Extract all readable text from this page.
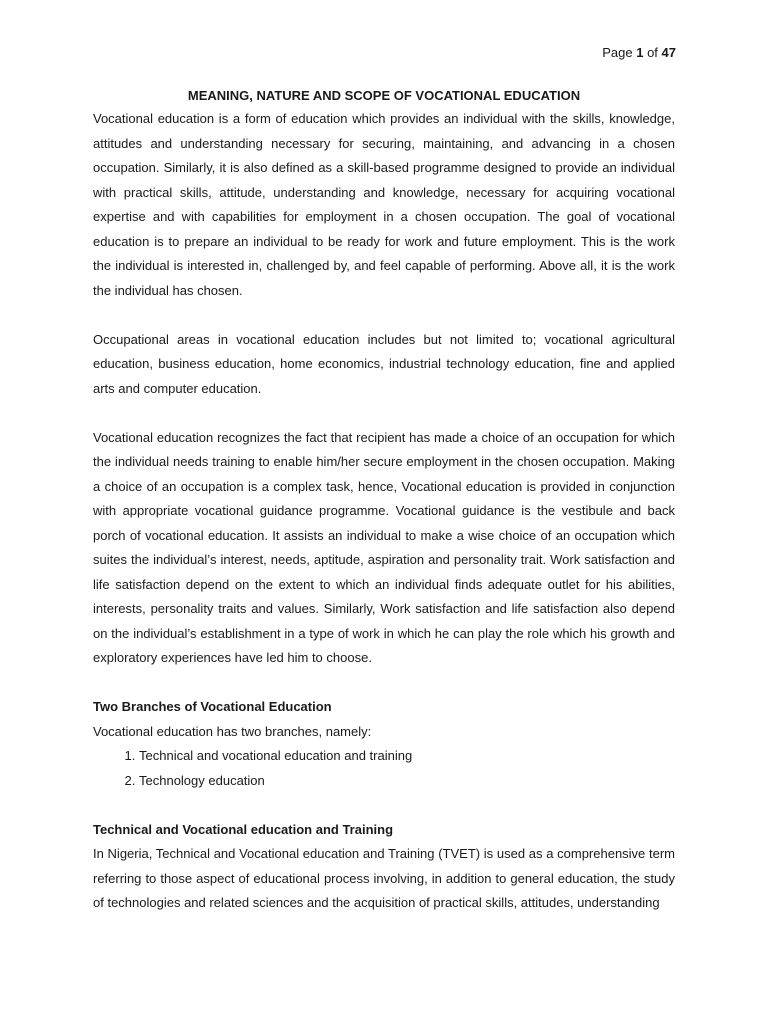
Page 1 of 47
MEANING, NATURE AND SCOPE OF VOCATIONAL EDUCATION

Vocational education is a form of education which provides an individual with the skills, knowledge, attitudes and understanding necessary for securing, maintaining, and advancing in a chosen occupation. Similarly, it is also defined as a skill-based programme designed to provide an individual with practical skills, attitude, understanding and knowledge, necessary for acquiring vocational expertise and with capabilities for employment in a chosen occupation. The goal of vocational education is to prepare an individual to be ready for work and future employment. This is the work the individual is interested in, challenged by, and feel capable of performing. Above all, it is the work the individual has chosen.

Occupational areas in vocational education includes but not limited to; vocational agricultural education, business education, home economics, industrial technology education, fine and applied arts and computer education.

Vocational education recognizes the fact that recipient has made a choice of an occupation for which the individual needs training to enable him/her secure employment in the chosen occupation. Making a choice of an occupation is a complex task, hence, Vocational education is provided in conjunction with appropriate vocational guidance programme. Vocational guidance is the vestibule and back porch of vocational education. It assists an individual to make a wise choice of an occupation which suites the individual’s interest, needs, aptitude, aspiration and personality trait. Work satisfaction and life satisfaction depend on the extent to which an individual finds adequate outlet for his abilities, interests, personality traits and values. Similarly, Work satisfaction and life satisfaction also depend on the individual’s establishment in a type of work in which he can play the role which his growth and exploratory experiences have led him to choose.

Two Branches of Vocational Education

Vocational education has two branches, namely:

1. Technical and vocational education and training
2. Technology education

Technical and Vocational education and Training

In Nigeria, Technical and Vocational education and Training (TVET) is used as a comprehensive term referring to those aspect of educational process involving, in addition to general education, the study of technologies and related sciences and the acquisition of practical skills, attitudes, understanding
